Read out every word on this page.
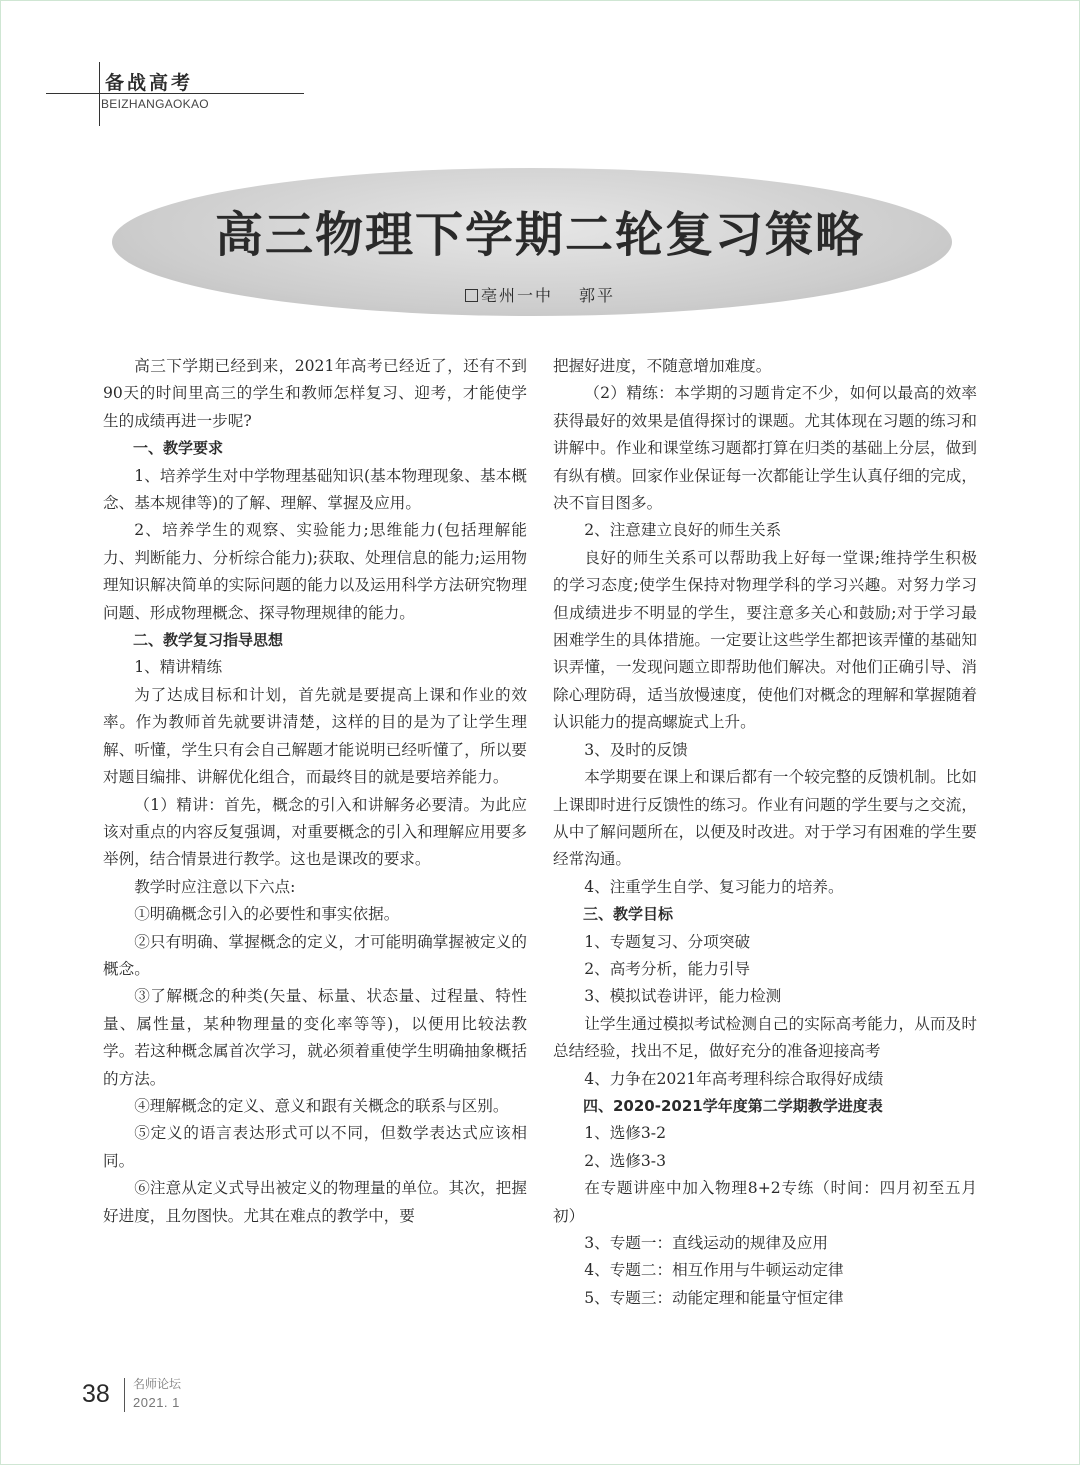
备战高考
BEIZHANGAOKAO
高三物理下学期二轮复习策略
亳州一中 郭平

高三下学期已经到来，2021年高考已经近了，还有不到90天的时间里高三的学生和教师怎样复习、迎考，才能使学生的成绩再进一步呢?

一、教学要求

1、培养学生对中学物理基础知识(基本物理现象、基本概念、基本规律等)的了解、理解、掌握及应用。

2、培养学生的观察、实验能力;思维能力(包括理解能力、判断能力、分析综合能力);获取、处理信息的能力;运用物理知识解决简单的实际问题的能力以及运用科学方法研究物理问题、形成物理概念、探寻物理规律的能力。

二、教学复习指导思想

1、精讲精练

为了达成目标和计划，首先就是要提高上课和作业的效率。作为教师首先就要讲清楚，这样的目的是为了让学生理解、听懂，学生只有会自己解题才能说明已经听懂了，所以要对题目编排、讲解优化组合，而最终目的就是要培养能力。

（1）精讲：首先，概念的引入和讲解务必要清。为此应该对重点的内容反复强调，对重要概念的引入和理解应用要多举例，结合情景进行教学。这也是课改的要求。

教学时应注意以下六点:

①明确概念引入的必要性和事实依据。

②只有明确、掌握概念的定义，才可能明确掌握被定义的概念。

③了解概念的种类(矢量、标量、状态量、过程量、特性量、属性量，某种物理量的变化率等等)，以便用比较法教学。若这种概念属首次学习，就必须着重使学生明确抽象概括的方法。

④理解概念的定义、意义和跟有关概念的联系与区别。

⑤定义的语言表达形式可以不同，但数学表达式应该相同。

⑥注意从定义式导出被定义的物理量的单位。其次，把握好进度，且勿图快。尤其在难点的教学中，要

把握好进度，不随意增加难度。

（2）精练：本学期的习题肯定不少，如何以最高的效率获得最好的效果是值得探讨的课题。尤其体现在习题的练习和讲解中。作业和课堂练习题都打算在归类的基础上分层，做到有纵有横。回家作业保证每一次都能让学生认真仔细的完成，决不盲目图多。

2、注意建立良好的师生关系

良好的师生关系可以帮助我上好每一堂课;维持学生积极的学习态度;使学生保持对物理学科的学习兴趣。对努力学习但成绩进步不明显的学生，要注意多关心和鼓励;对于学习最困难学生的具体措施。一定要让这些学生都把该弄懂的基础知识弄懂，一发现问题立即帮助他们解决。对他们正确引导、消除心理防碍，适当放慢速度，使他们对概念的理解和掌握随着认识能力的提高螺旋式上升。

3、及时的反馈

本学期要在课上和课后都有一个较完整的反馈机制。比如上课即时进行反馈性的练习。作业有问题的学生要与之交流，从中了解问题所在，以便及时改进。对于学习有困难的学生要经常沟通。

4、注重学生自学、复习能力的培养。

三、教学目标

1、专题复习、分项突破

2、高考分析，能力引导

3、模拟试卷讲评，能力检测

让学生通过模拟考试检测自己的实际高考能力，从而及时总结经验，找出不足，做好充分的准备迎接高考

4、力争在2021年高考理科综合取得好成绩

四、2020-2021学年度第二学期教学进度表

1、选修3-2

2、选修3-3

在专题讲座中加入物理8+2专练（时间：四月初至五月初）

3、专题一：直线运动的规律及应用

4、专题二：相互作用与牛顿运动定律

5、专题三：动能定理和能量守恒定律

38 名师论坛
2021. 1
